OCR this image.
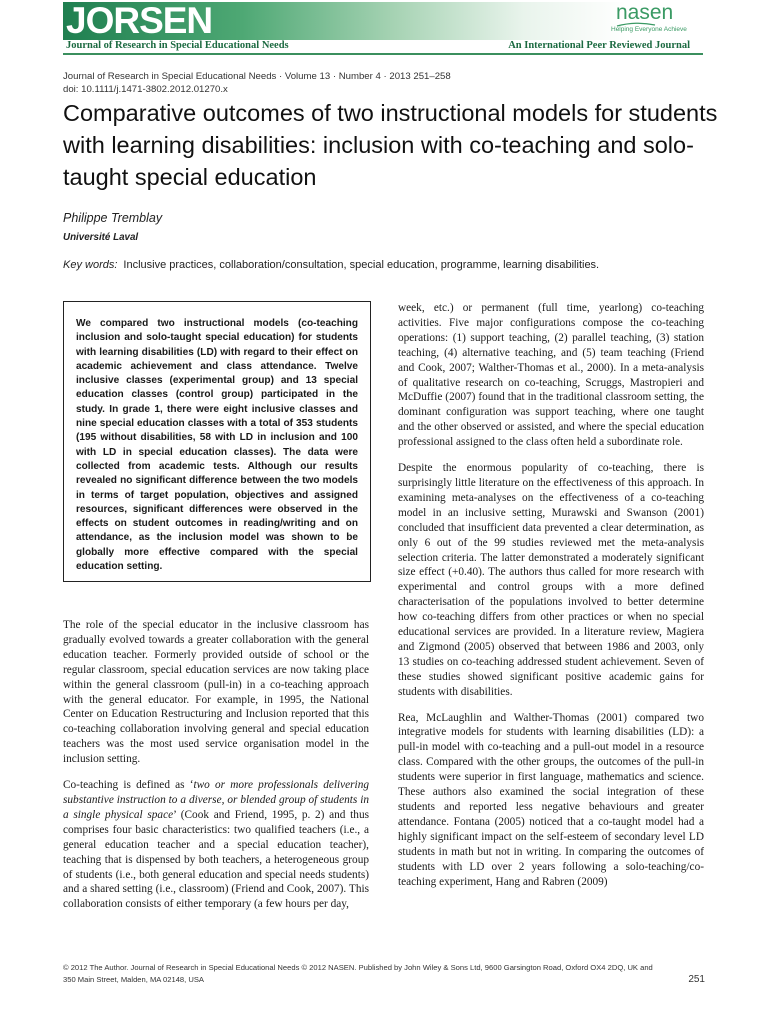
JORSEN
Journal of Research in Special Educational Needs
nasen
Helping Everyone Achieve
An International Peer Reviewed Journal
Journal of Research in Special Educational Needs · Volume 13 · Number 4 · 2013 251–258
doi: 10.1111/j.1471-3802.2012.01270.x
Comparative outcomes of two instructional models for students with learning disabilities: inclusion with co-teaching and solo-taught special education
Philippe Tremblay
Université Laval
Key words: Inclusive practices, collaboration/consultation, special education, programme, learning disabilities.

We compared two instructional models (co-teaching inclusion and solo-taught special education) for students with learning disabilities (LD) with regard to their effect on academic achievement and class attendance. Twelve inclusive classes (experimental group) and 13 special education classes (control group) participated in the study. In grade 1, there were eight inclusive classes and nine special education classes with a total of 353 students (195 without disabilities, 58 with LD in inclusion and 100 with LD in special education classes). The data were collected from academic tests. Although our results revealed no significant difference between the two models in terms of target population, objectives and assigned resources, significant differences were observed in the effects on student outcomes in reading/writing and on attendance, as the inclusion model was shown to be globally more effective compared with the special education setting.

The role of the special educator in the inclusive classroom has gradually evolved towards a greater collaboration with the general education teacher. Formerly provided outside of school or the regular classroom, special education services are now taking place within the general classroom (pull-in) in a co-teaching approach with the general educator. For example, in 1995, the National Center on Education Restructuring and Inclusion reported that this co-teaching collaboration involving general and special education teachers was the most used service organisation model in the inclusion setting.

Co-teaching is defined as ‘two or more professionals delivering substantive instruction to a diverse, or blended group of students in a single physical space’ (Cook and Friend, 1995, p. 2) and thus comprises four basic characteristics: two qualified teachers (i.e., a general education teacher and a special education teacher), teaching that is dispensed by both teachers, a heterogeneous group of students (i.e., both general education and special needs students) and a shared setting (i.e., classroom) (Friend and Cook, 2007). This collaboration consists of either temporary (a few hours per day,

week, etc.) or permanent (full time, yearlong) co-teaching activities. Five major configurations compose the co-teaching operations: (1) support teaching, (2) parallel teaching, (3) station teaching, (4) alternative teaching, and (5) team teaching (Friend and Cook, 2007; Walther-Thomas et al., 2000). In a meta-analysis of qualitative research on co-teaching, Scruggs, Mastropieri and McDuffie (2007) found that in the traditional classroom setting, the dominant configuration was support teaching, where one taught and the other observed or assisted, and where the special education professional assigned to the class often held a subordinate role.

Despite the enormous popularity of co-teaching, there is surprisingly little literature on the effectiveness of this approach. In examining meta-analyses on the effectiveness of a co-teaching model in an inclusive setting, Murawski and Swanson (2001) concluded that insufficient data prevented a clear determination, as only 6 out of the 99 studies reviewed met the meta-analysis selection criteria. The latter demonstrated a moderately significant size effect (+0.40). The authors thus called for more research with experimental and control groups with a more defined characterisation of the populations involved to better determine how co-teaching differs from other practices or when no special educational services are provided. In a literature review, Magiera and Zigmond (2005) observed that between 1986 and 2003, only 13 studies on co-teaching addressed student achievement. Seven of these studies showed significant positive academic gains for students with disabilities.

Rea, McLaughlin and Walther-Thomas (2001) compared two integrative models for students with learning disabilities (LD): a pull-in model with co-teaching and a pull-out model in a resource class. Compared with the other groups, the outcomes of the pull-in students were superior in first language, mathematics and science. These authors also examined the social integration of these students and reported less negative behaviours and greater attendance. Fontana (2005) noticed that a co-taught model had a highly significant impact on the self-esteem of secondary level LD students in math but not in writing. In comparing the outcomes of students with LD over 2 years following a solo-teaching/co-teaching experiment, Hang and Rabren (2009)

© 2012 The Author. Journal of Research in Special Educational Needs © 2012 NASEN. Published by John Wiley & Sons Ltd, 9600 Garsington Road, Oxford OX4 2DQ, UK and
350 Main Street, Malden, MA 02148, USA	251
